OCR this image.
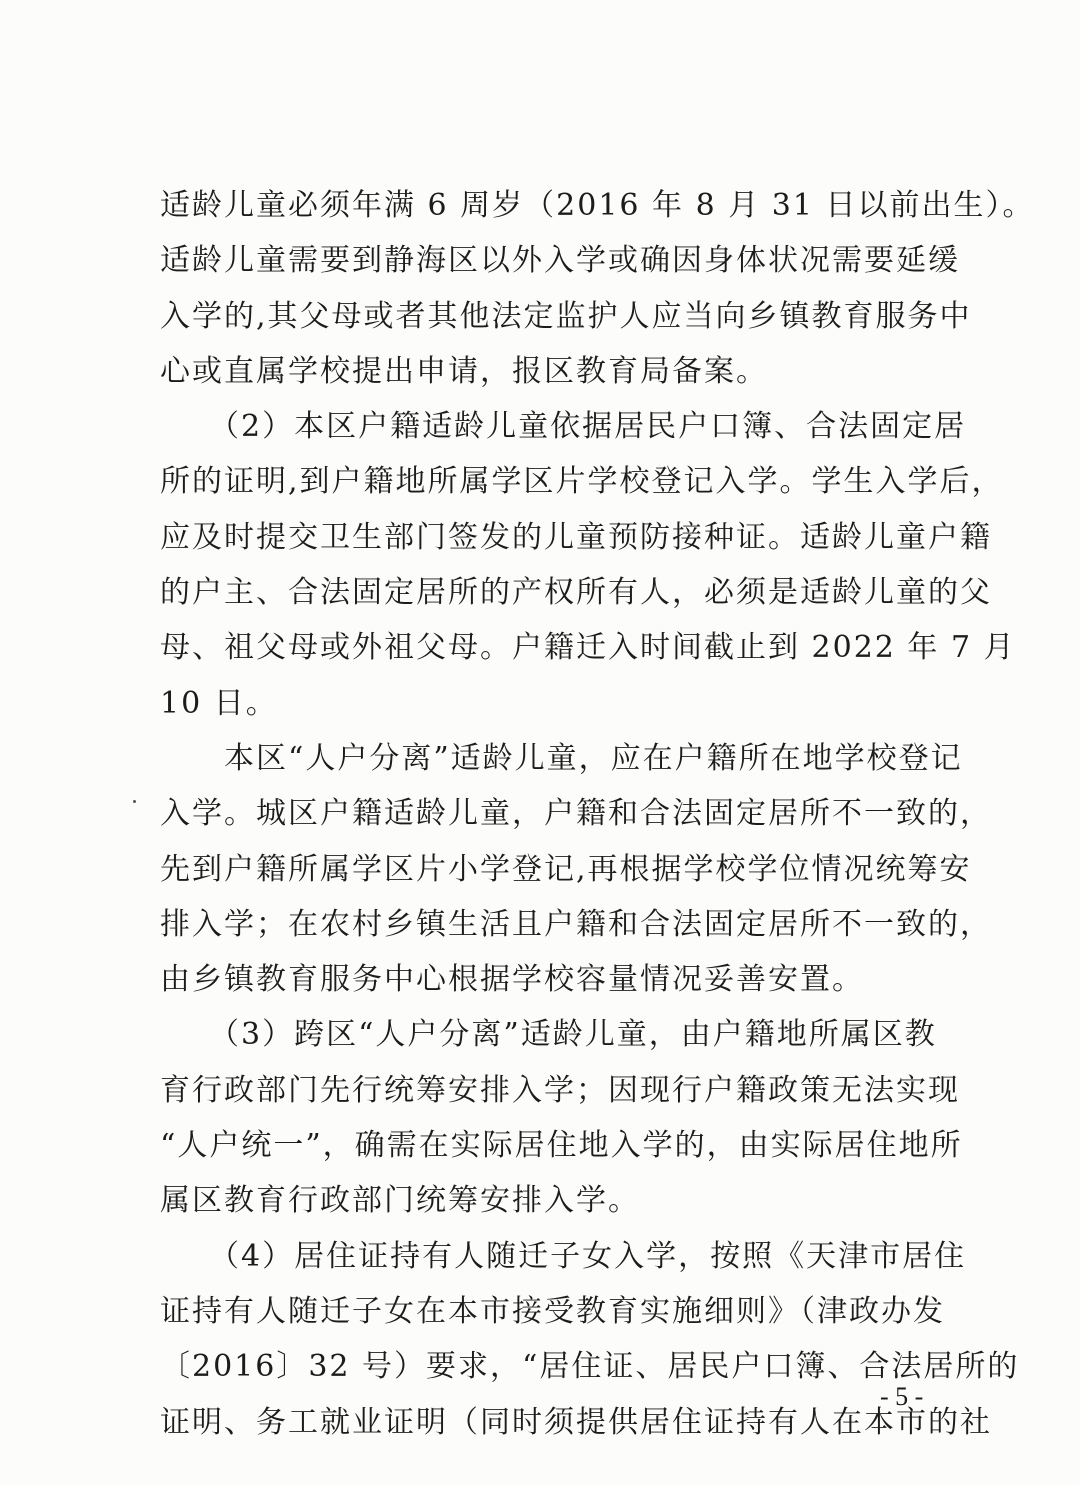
适龄儿童必须年满 6 周岁（2016 年 8 月 31 日以前出生）。
适龄儿童需要到静海区以外入学或确因身体状况需要延缓
入学的,其父母或者其他法定监护人应当向乡镇教育服务中
心或直属学校提出申请，报区教育局备案。
　　（2）本区户籍适龄儿童依据居民户口簿、合法固定居
所的证明,到户籍地所属学区片学校登记入学。学生入学后，
应及时提交卫生部门签发的儿童预防接种证。适龄儿童户籍
的户主、合法固定居所的产权所有人，必须是适龄儿童的父
母、祖父母或外祖父母。户籍迁入时间截止到 2022 年 7 月
10 日。
　　本区“人户分离”适龄儿童，应在户籍所在地学校登记
入学。城区户籍适龄儿童，户籍和合法固定居所不一致的，
先到户籍所属学区片小学登记,再根据学校学位情况统筹安
排入学；在农村乡镇生活且户籍和合法固定居所不一致的，
由乡镇教育服务中心根据学校容量情况妥善安置。
　　（3）跨区“人户分离”适龄儿童，由户籍地所属区教
育行政部门先行统筹安排入学；因现行户籍政策无法实现
“人户统一”，确需在实际居住地入学的，由实际居住地所
属区教育行政部门统筹安排入学。
　　（4）居住证持有人随迁子女入学，按照《天津市居住
证持有人随迁子女在本市接受教育实施细则》（津政办发
〔2016〕32 号）要求，“居住证、居民户口簿、合法居所的
证明、务工就业证明（同时须提供居住证持有人在本市的社
- 5 -
